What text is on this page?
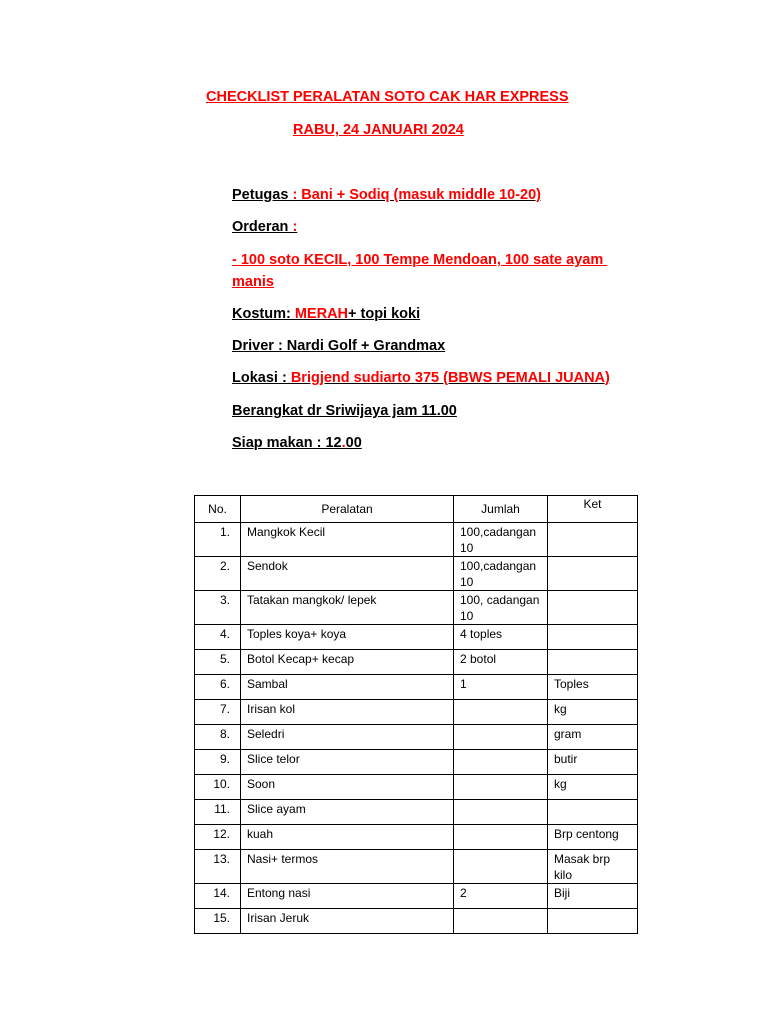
CHECKLIST PERALATAN SOTO CAK HAR EXPRESS
RABU, 24 JANUARI 2024
Petugas : Bani + Sodiq (masuk middle 10-20)
Orderan :
- 100 soto KECIL, 100 Tempe Mendoan, 100 sate ayam
manis
Kostum: MERAH+ topi koki
Driver : Nardi Golf + Grandmax
Lokasi : Brigjend sudiarto 375 (BBWS PEMALI JUANA)
Berangkat dr Sriwijaya jam 11.00
Siap makan : 12.00
No.	Peralatan	Jumlah	Ket
1.	Mangkok Kecil	100,cadangan 10	
2.	Sendok	100,cadangan 10	
3.	Tatakan mangkok/ lepek	100, cadangan 10	
4.	Toples koya+ koya	4 toples	
5.	Botol Kecap+ kecap	2 botol	
6.	Sambal	1	Toples
7.	Irisan kol		kg
8.	Seledri		gram
9.	Slice telor		butir
10.	Soon		kg
11.	Slice ayam		
12.	kuah		Brp centong
13.	Nasi+ termos		Masak brp kilo
14.	Entong nasi	2	Biji
15.	Irisan Jeruk		
